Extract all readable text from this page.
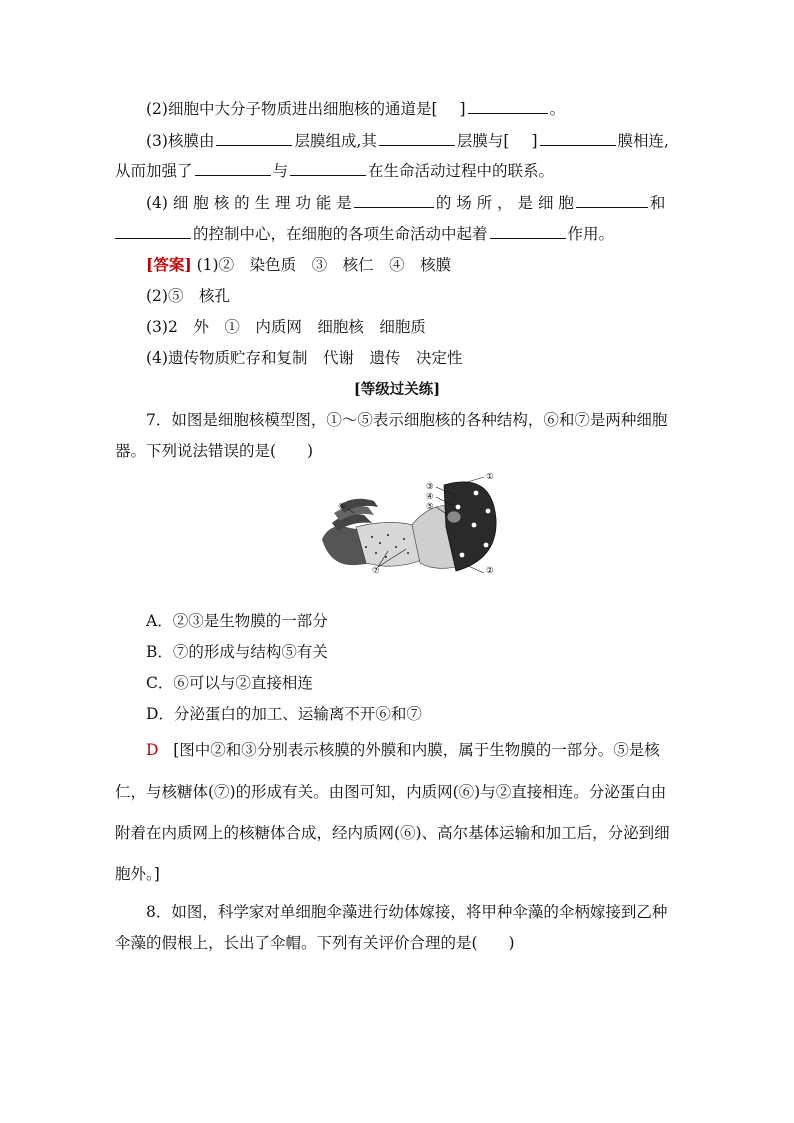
(2)细胞中大分子物质进出细胞核的通道是[ ]	。
(3)核膜由	层膜组成,其	层膜与[ ]	膜相连,
从而加强了	与	在生命活动过程中的联系。
(4) 细 胞 核 的 生 理 功 能 是	的 场 所 ， 是 细 胞	和
的控制中心，在细胞的各项生命活动中起着	作用。
[答案] (1)②　染色质　③　核仁　④　核膜
(2)⑤　核孔
(3)2　外　①　内质网　细胞核　细胞质
(4)遗传物质贮存和复制　代谢　遗传　决定性
[等级过关练]
7．如图是细胞核模型图，①～⑤表示细胞核的各种结构，⑥和⑦是两种细胞
器。下列说法错误的是(　　)
①
②
③
④
⑤
⑥
⑦
A．②③是生物膜的一部分
B．⑦的形成与结构⑤有关
C．⑥可以与②直接相连
D．分泌蛋白的加工、运输离不开⑥和⑦
D [图中②和③分别表示核膜的外膜和内膜，属于生物膜的一部分。⑤是核
仁，与核糖体(⑦)的形成有关。由图可知，内质网(⑥)与②直接相连。分泌蛋白由
附着在内质网上的核糖体合成，经内质网(⑥)、高尔基体运输和加工后，分泌到细
胞外。]
8．如图，科学家对单细胞伞藻进行幼体嫁接，将甲种伞藻的伞柄嫁接到乙种
伞藻的假根上，长出了伞帽。下列有关评价合理的是(　　)
